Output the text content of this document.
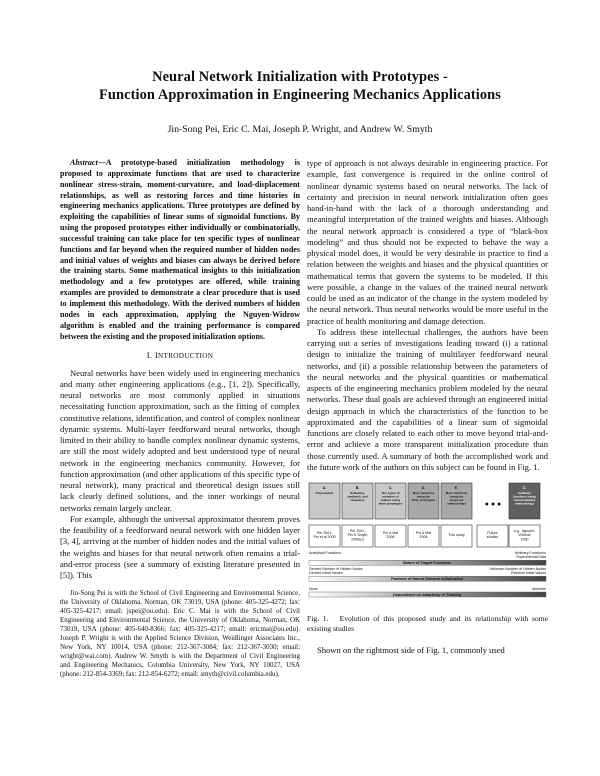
Neural Network Initialization with Prototypes -
Function Approximation in Engineering Mechanics Applications
Jin-Song Pei, Eric C. Mai, Joseph P. Wright, and Andrew W. Smyth

Abstract—A prototype-based initialization methodology is proposed to approximate functions that are used to characterize nonlinear stress-strain, moment-curvature, and load-displacement relationships, as well as restoring forces and time histories in engineering mechanics applications. Three prototypes are defined by exploiting the capabilities of linear sums of sigmoidal functions. By using the proposed prototypes either individually or combinatorially, successful training can take place for ten specific types of nonlinear functions and far beyond when the required number of hidden nodes and initial values of weights and biases can always be derived before the training starts. Some mathematical insights to this initialization methodology and a few prototypes are offered, while training examples are provided to demonstrate a clear procedure that is used to implement this methodology. With the derived numbers of hidden nodes in each approximation, applying the Nguyen-Widrow algorithm is enabled and the training performance is compared between the existing and the proposed initialization options.

I. INTRODUCTION

Neural networks have been widely used in engineering mechanics and many other engineering applications (e.g., [1, 2]). Specifically, neural networks are most commonly applied in situations necessitating function approximation, such as the fitting of complex constitutive relations, identification, and control of complex nonlinear dynamic systems. Multi-layer feedforward neural networks, though limited in their ability to handle complex nonlinear dynamic systems, are still the most widely adopted and best understood type of neural network in the engineering mechanics community. However, for function approximation (and other applications of this specific type of neural network), many practical and theoretical design issues still lack clearly defined solutions, and the inner workings of neural networks remain largely unclear.

For example, although the universal approximator theorem proves the feasibility of a feedforward neural network with one hidden layer [3, 4], arriving at the number of hidden nodes and the initial values of the weights and biases for that neural network often remains a trial-and-error process (see a summary of existing literature presented in [5]). This

Jin-Song Pei is with the School of Civil Engineering and Environmental Science, the University of Oklahoma, Norman, OK 73019, USA (phone: 405-325-4272; fax: 405-325-4217; email: jspei@ou.edu). Eric C. Mai is with the School of Civil Engineering and Environmental Science, the University of Oklahoma, Norman, OK 73019, USA (phone: 405-640-8366; fax: 405-325-4217; email: ericmai@ou.edu). Joseph P. Wright is with the Applied Science Division, Weidlinger Associates Inc., New York, NY 10014, USA (phone: 212-367-3084; fax: 212-367-3030; email: wright@wai.com). Andrew W. Smyth is with the Department of Civil Engineering and Engineering Mechanics, Columbia University, New York, NY 10027, USA (phone: 212-854-3369; fax: 212-854-6272; email: smyth@civil.columbia.edu).

type of approach is not always desirable in engineering practice. For example, fast convergence is required in the online control of nonlinear dynamic systems based on neural networks. The lack of certainty and precision in neural network initialization often goes hand-in-hand with the lack of a thorough understanding and meaningful interpretation of the trained weights and biases. Although the neural network approach is considered a type of “black-box modeling” and thus should not be expected to behave the way a physical model does, it would be very desirable in practice to find a relation between the weights and biases and the physical quantities or mathematical terms that govern the systems to be modeled. If this were possible, a change in the values of the trained neural network could be used as an indicator of the change in the system modeled by the neural network. Thus neural networks would be more useful in the practice of health monitoring and damage detection.

To address these intellectual challenges, the authors have been carrying out a series of investigations leading toward (i) a rational design to initialize the training of multilayer feedforward neural networks, and (ii) a possible relationship between the parameters of the neural networks and the physical quantities or mathematical aspects of the engineering mechanics problem modeled by the neural networks. These dual goals are achieved through an engineered initial design approach in which the characteristics of the function to be approximated and the capabilities of a linear sum of sigmoidal functions are closely related to each other to move beyond trial-and-error and achieve a more transparent initialization procedure than those currently used. A summary of both the accomplished work and the future work of the authors on this subject can be found in Fig. 1.

A.
Polynomials
Pei 2001, Pei et al 2005
B.
Softening, sandwich, and clearance
Pei 2001, Pei & Smyth 2006a,b
C.
Two types of variation of feature using three prototypes
Pei & Mai 2006
D.
More functions using the three prototypes
Pei & Mai 2006
E.
More functions using the proposed methodology
This study	Future studies
Z.
Arbitrary functions using neural-network methodology
e.g., Nguyen-Widrow 1990
● ● ●
Analytical Functions	Arbitrary Functions/ Experimental Data
Nature of Target Functions
Derived Number of Hidden Nodes Derived Initial Values
Unknown Number of Hidden Nodes Random Initial Values
Features of Neural Network Initialization
None	Absolute
Dependence on Adaptivity of Training

Fig. 1. Evolution of this proposed study and its relationship with some existing studies

Shown on the rightmost side of Fig. 1, commonly used
